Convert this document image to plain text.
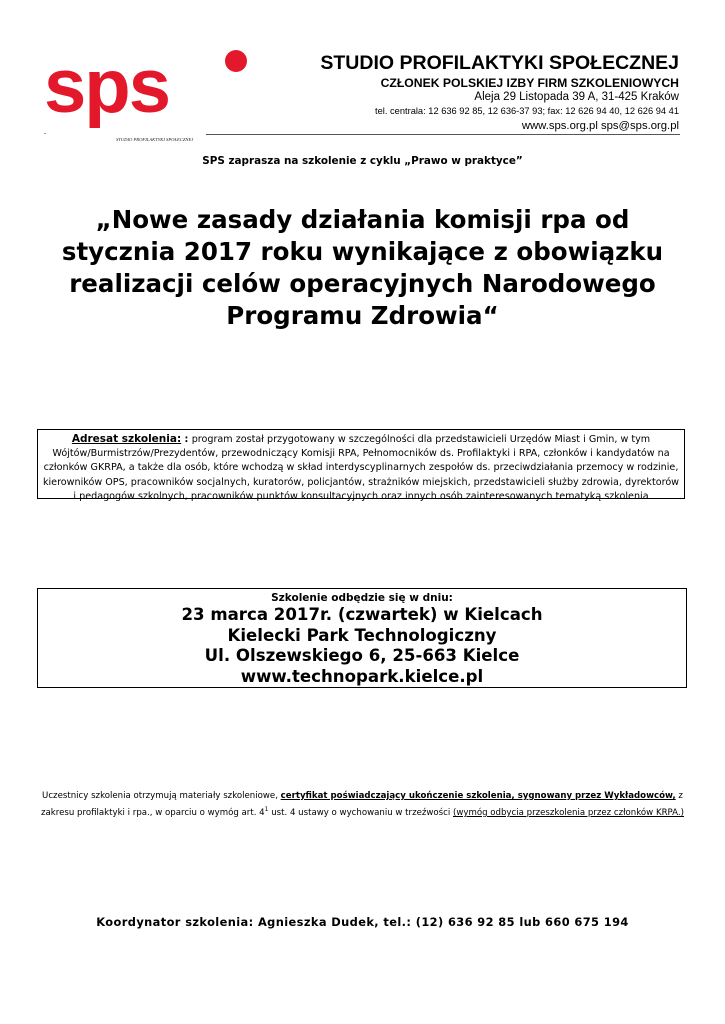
sps
STUDIO PROFILAKTYKI SPOŁECZNEJ
-
STUDIO PROFILAKTYKI SPOŁECZNEJ
CZŁONEK POLSKIEJ IZBY FIRM SZKOLENIOWYCH
Aleja 29 Listopada 39 A, 31-425 Kraków
tel. centrala: 12 636 92 85, 12 636-37 93; fax: 12 626 94 40, 12 626 94 41
www.sps.org.pl sps@sps.org.pl
SPS zaprasza na szkolenie z cyklu „Prawo w praktyce”
„Nowe zasady działania komisji rpa od
stycznia 2017 roku wynikające z obowiązku
realizacji celów operacyjnych Narodowego
Programu Zdrowia“
Adresat szkolenia: : program został przygotowany w szczególności dla przedstawicieli Urzędów Miast i Gmin, w tym Wójtów/Burmistrzów/Prezydentów, przewodniczący Komisji RPA, Pełnomocników ds. Profilaktyki i RPA, członków i kandydatów na członków GKRPA, a także dla osób, które wchodzą w skład interdyscyplinarnych zespołów ds. przeciwdziałania przemocy w rodzinie, kierowników OPS, pracowników socjalnych, kuratorów, policjantów, strażników miejskich, przedstawicieli służby zdrowia, dyrektorów i pedagogów szkolnych, pracowników punktów konsultacyjnych oraz innych osób zainteresowanych tematyką szkolenia
Szkolenie odbędzie się w dniu:
23 marca 2017r. (czwartek) w Kielcach
Kielecki Park Technologiczny
Ul. Olszewskiego 6, 25-663 Kielce
www.technopark.kielce.pl
Uczestnicy szkolenia otrzymują materiały szkoleniowe, certyfikat poświadczający ukończenie szkolenia, sygnowany przez Wykładowców, z zakresu profilaktyki i rpa., w oparciu o wymóg art. $4^1$ ust. 4 ustawy o wychowaniu w trzeźwości (wymóg odbycia przeszkolenia przez członków KRPA.)
Koordynator szkolenia: Agnieszka Dudek, tel.: (12) 636 92 85 lub 660 675 194
